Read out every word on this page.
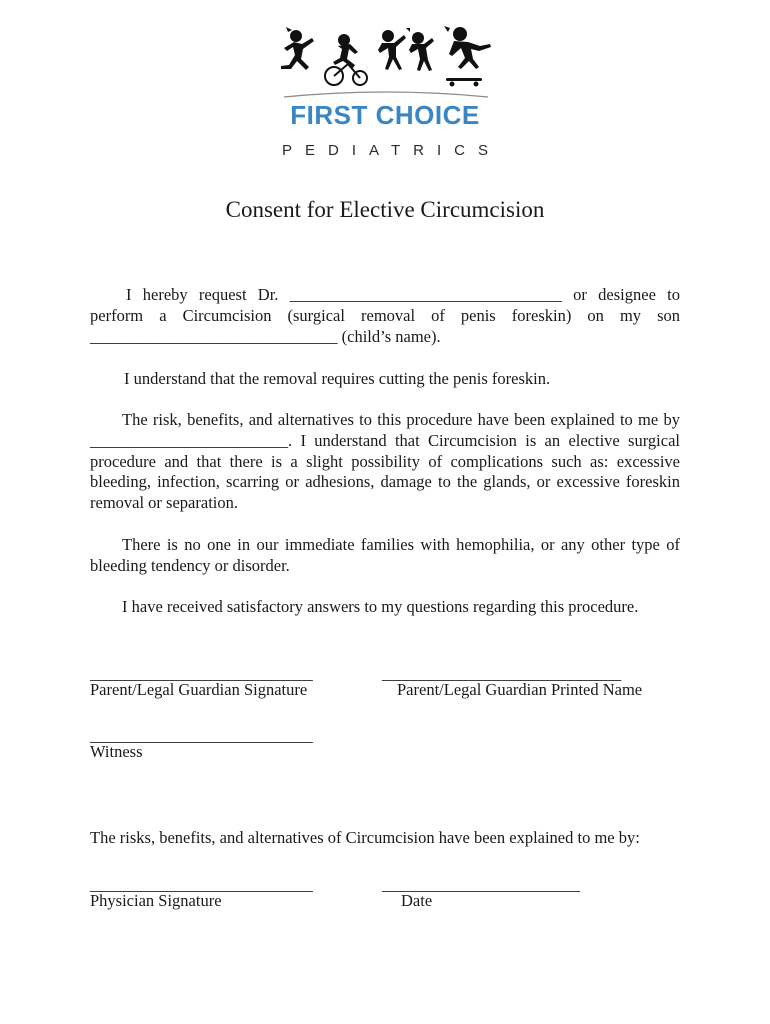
FIRST CHOICE
PEDIATRICS
Consent for Elective Circumcision

I hereby request Dr. _________________________________ or designee to perform a Circumcision (surgical removal of penis foreskin) on my son ______________________________ (child’s name).

I understand that the removal requires cutting the penis foreskin.

The risk, benefits, and alternatives to this procedure have been explained to me by ________________________. I understand that Circumcision is an elective surgical procedure and that there is a slight possibility of complications such as: excessive bleeding, infection, scarring or adhesions, damage to the glands, or excessive foreskin removal or separation.

There is no one in our immediate families with hemophilia, or any other type of bleeding tendency or disorder.

I have received satisfactory answers to my questions regarding this procedure.

___________________________
Parent/Legal Guardian Signature
_____________________________
Parent/Legal Guardian Printed Name
___________________________
Witness
The risks, benefits, and alternatives of Circumcision have been explained to me by:
___________________________
Physician Signature
________________________
Date
